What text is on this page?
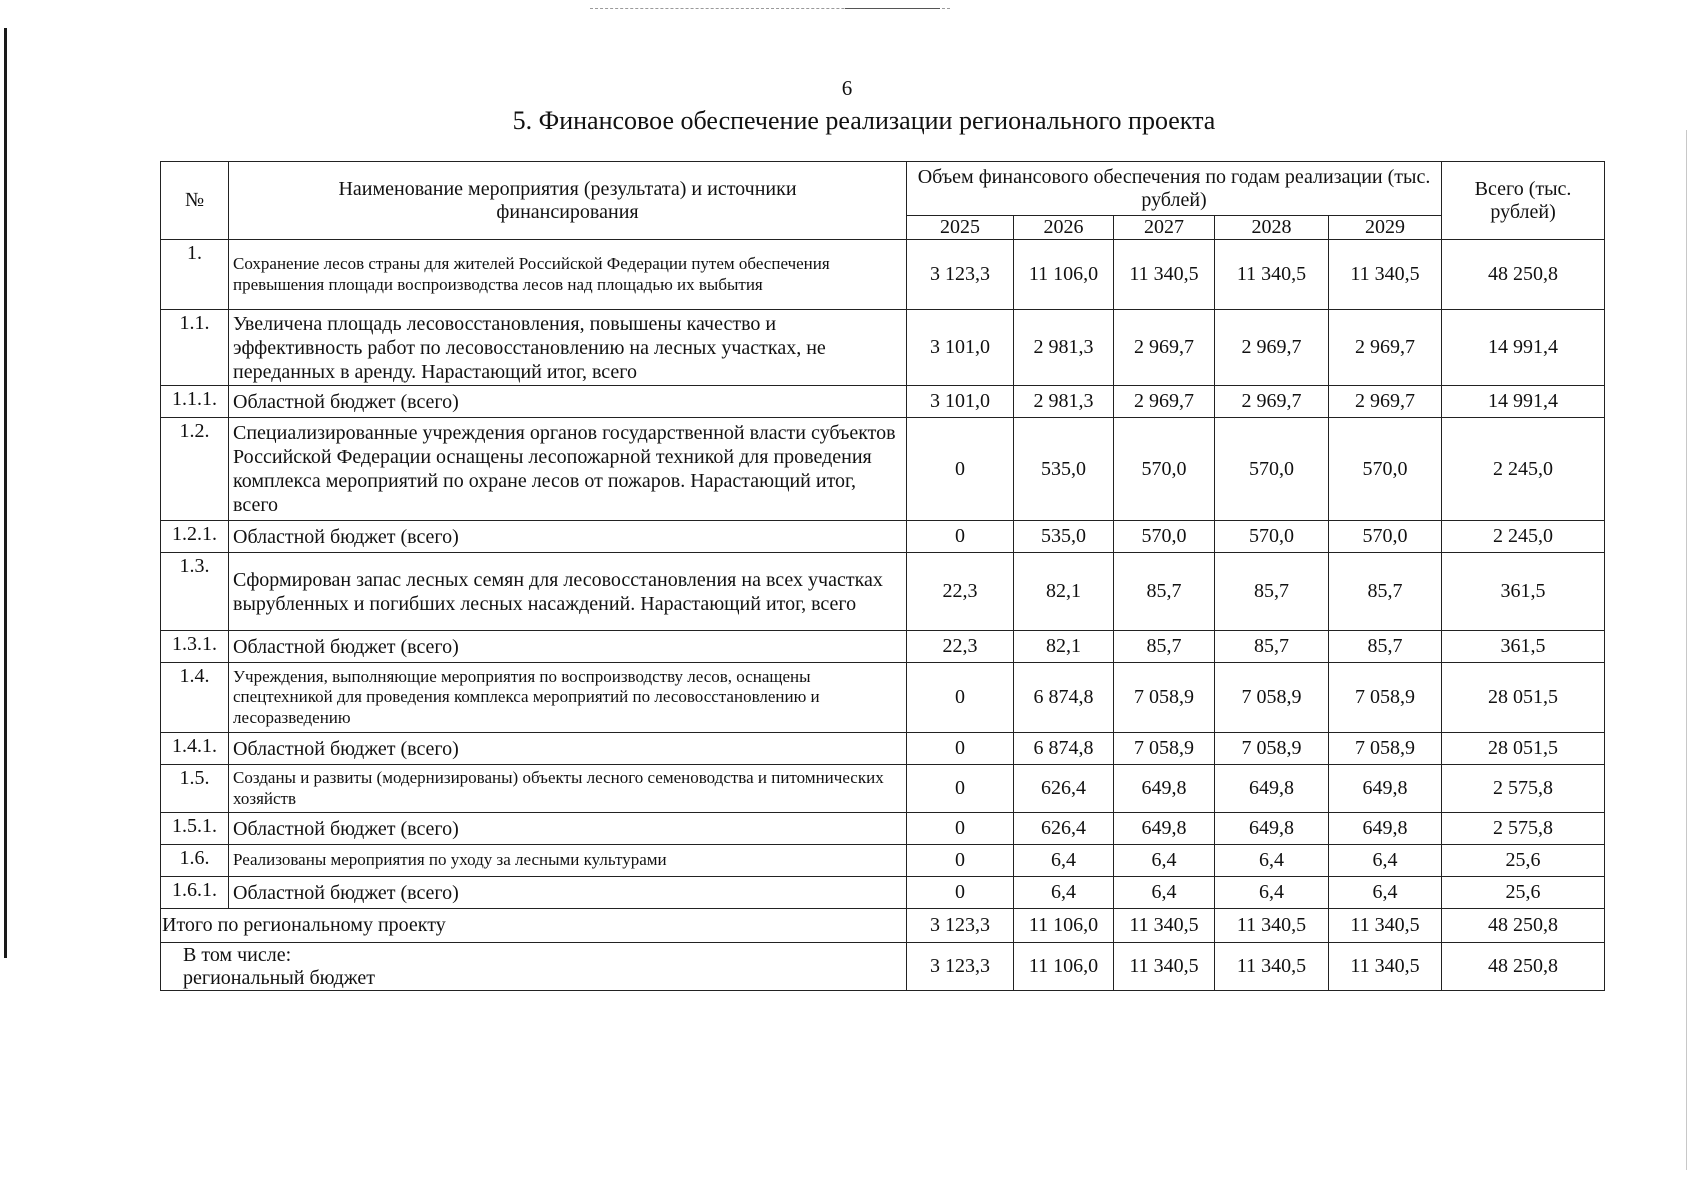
6
5. Финансовое обеспечение реализации регионального проекта
№	Наименование мероприятия (результата) и источники финансирования	Объем финансового обеспечения по годам реализации (тыс. рублей)					Всего (тыс. рублей)
		2025	2026	2027	2028	2029	
1.	Сохранение лесов страны для жителей Российской Федерации путем обеспечения превышения площади воспроизводства лесов над площадью их выбытия	3 123,3	11 106,0	11 340,5	11 340,5	11 340,5	48 250,8
1.1.	Увеличена площадь лесовосстановления, повышены качество и эффективность работ по лесовосстановлению на лесных участках, не переданных в аренду. Нарастающий итог, всего	3 101,0	2 981,3	2 969,7	2 969,7	2 969,7	14 991,4
1.1.1.	Областной бюджет (всего)	3 101,0	2 981,3	2 969,7	2 969,7	2 969,7	14 991,4
1.2.	Специализированные учреждения органов государственной власти субъектов Российской Федерации оснащены лесопожарной техникой для проведения комплекса мероприятий по охране лесов от пожаров. Нарастающий итог, всего	0	535,0	570,0	570,0	570,0	2 245,0
1.2.1.	Областной бюджет (всего)	0	535,0	570,0	570,0	570,0	2 245,0
1.3.	Сформирован запас лесных семян для лесовосстановления на всех участках вырубленных и погибших лесных насаждений. Нарастающий итог, всего	22,3	82,1	85,7	85,7	85,7	361,5
1.3.1.	Областной бюджет (всего)	22,3	82,1	85,7	85,7	85,7	361,5
1.4.	Учреждения, выполняющие мероприятия по воспроизводству лесов, оснащены спецтехникой для проведения комплекса мероприятий по лесовосстановлению и лесоразведению	0	6 874,8	7 058,9	7 058,9	7 058,9	28 051,5
1.4.1.	Областной бюджет (всего)	0	6 874,8	7 058,9	7 058,9	7 058,9	28 051,5
1.5.	Созданы и развиты (модернизированы) объекты лесного семеноводства и питомнических хозяйств	0	626,4	649,8	649,8	649,8	2 575,8
1.5.1.	Областной бюджет (всего)	0	626,4	649,8	649,8	649,8	2 575,8
1.6.	Реализованы мероприятия по уходу за лесными культурами	0	6,4	6,4	6,4	6,4	25,6
1.6.1.	Областной бюджет (всего)	0	6,4	6,4	6,4	6,4	25,6
Итого по региональному проекту		3 123,3	11 106,0	11 340,5	11 340,5	11 340,5	48 250,8

В том числе:
региональный бюджет		3 123,3	11 106,0	11 340,5	11 340,5	11 340,5	48 250,8
